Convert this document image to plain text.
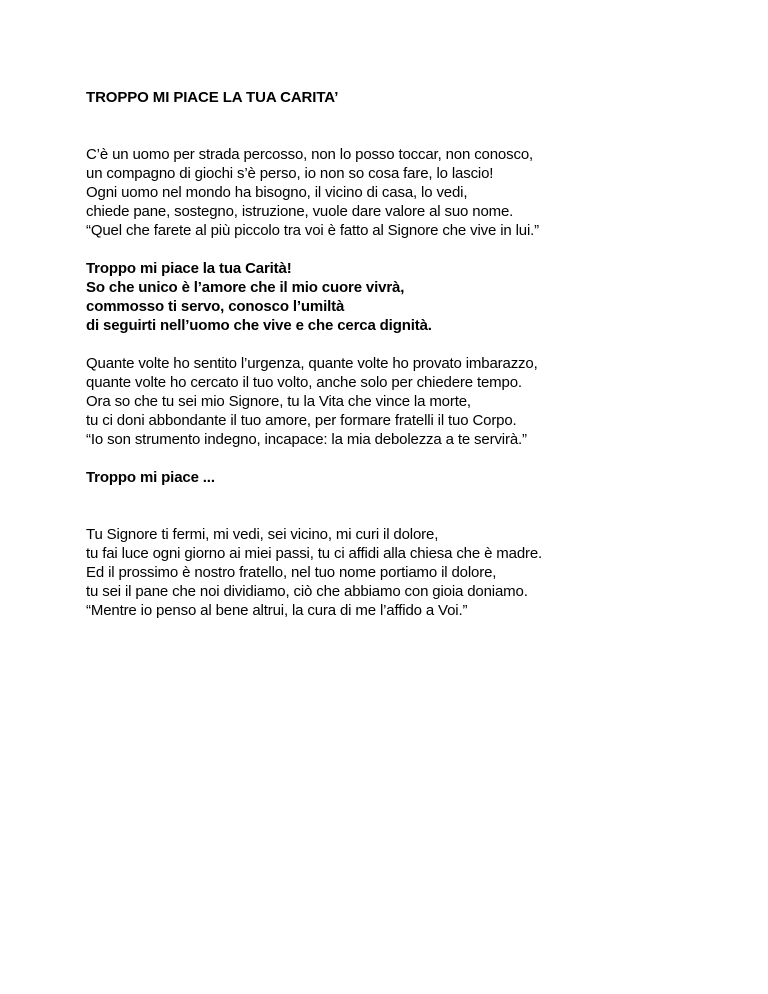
TROPPO MI PIACE LA TUA CARITA’

C’è un uomo per strada percosso, non lo posso toccar, non conosco,
un compagno di giochi s’è perso, io non so cosa fare, lo lascio!
Ogni uomo nel mondo ha bisogno, il vicino di casa, lo vedi,
chiede pane, sostegno, istruzione, vuole dare valore al suo nome.
“Quel che farete al più piccolo tra voi è fatto al Signore che vive in lui.”

Troppo mi piace la tua Carità!
So che unico è l’amore che il mio cuore vivrà,
commosso ti servo, conosco l’umiltà
di seguirti nell’uomo che vive e che cerca dignità.

Quante volte ho sentito l’urgenza, quante volte ho provato imbarazzo,
quante volte ho cercato il tuo volto, anche solo per chiedere tempo.
Ora so che tu sei mio Signore, tu la Vita che vince la morte,
tu ci doni abbondante il tuo amore, per formare fratelli il tuo Corpo.
“Io son strumento indegno, incapace: la mia debolezza a te servirà.”

Troppo mi piace ...

Tu Signore ti fermi, mi vedi, sei vicino, mi curi il dolore,
tu fai luce ogni giorno ai miei passi, tu ci affidi alla chiesa che è madre.
Ed il prossimo è nostro fratello, nel tuo nome portiamo il dolore,
tu sei il pane che noi dividiamo, ciò che abbiamo con gioia doniamo.
“Mentre io penso al bene altrui, la cura di me l’affido a Voi.”
